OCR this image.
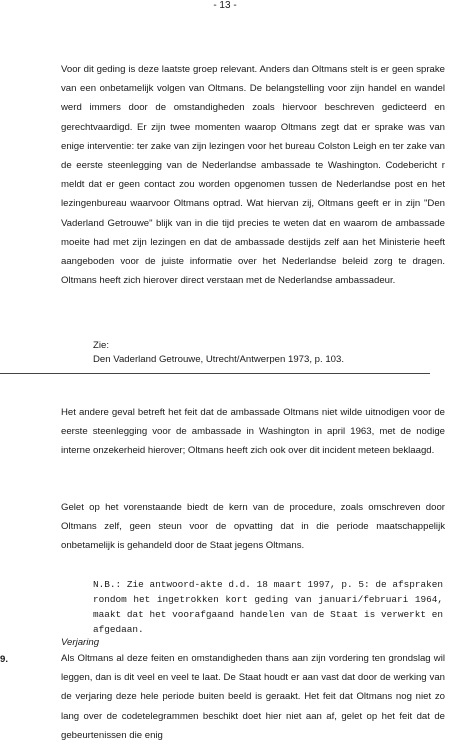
- 13 -

Voor dit geding is deze laatste groep relevant. Anders dan Oltmans stelt is er geen sprake van een onbetamelijk volgen van Oltmans. De belangstelling voor zijn handel en wandel werd immers door de omstandigheden zoals hiervoor beschreven gedicteerd en gerechtvaardigd. Er zijn twee momenten waarop Oltmans zegt dat er sprake was van enige interventie: ter zake van zijn lezingen voor het bureau Colston Leigh en ter zake van de eerste steenlegging van de Nederlandse ambassade te Washington. Codebericht r meldt dat er geen contact zou worden opgenomen tussen de Nederlandse post en het lezingenbureau waarvoor Oltmans optrad. Wat hiervan zij, Oltmans geeft er in zijn "Den Vaderland Getrouwe" blijk van in die tijd precies te weten dat en waarom de ambassade moeite had met zijn lezingen en dat de ambassade destijds zelf aan het Ministerie heeft aangeboden voor de juiste informatie over het Nederlandse beleid zorg te dragen. Oltmans heeft zich hierover direct verstaan met de Nederlandse ambassadeur.

Zie:
Den Vaderland Getrouwe, Utrecht/Antwerpen 1973, p. 103.

Het andere geval betreft het feit dat de ambassade Oltmans niet wilde uitnodigen voor de eerste steenlegging voor de ambassade in Washington in april 1963, met de nodige interne onzekerheid hierover; Oltmans heeft zich ook over dit incident meteen beklaagd.

Gelet op het vorenstaande biedt de kern van de procedure, zoals omschreven door Oltmans zelf, geen steun voor de opvatting dat in die periode maatschappelijk onbetamelijk is gehandeld door de Staat jegens Oltmans.

N.B.: Zie antwoord-akte d.d. 18 maart 1997, p. 5: de afspraken rondom het ingetrokken kort geding van januari/februari 1964, maakt dat het voorafgaand handelen van de Staat is verwerkt en afgedaan.

Verjaring

9.	Als Oltmans al deze feiten en omstandigheden thans aan zijn vordering ten grondslag wil leggen, dan is dit veel en veel te laat. De Staat houdt er aan vast dat door de werking van de verjaring deze hele periode buiten beeld is geraakt. Het feit dat Oltmans nog niet zo lang over de codetelegrammen beschikt doet hier niet aan af, gelet op het feit dat de gebeurtenissen die enig
